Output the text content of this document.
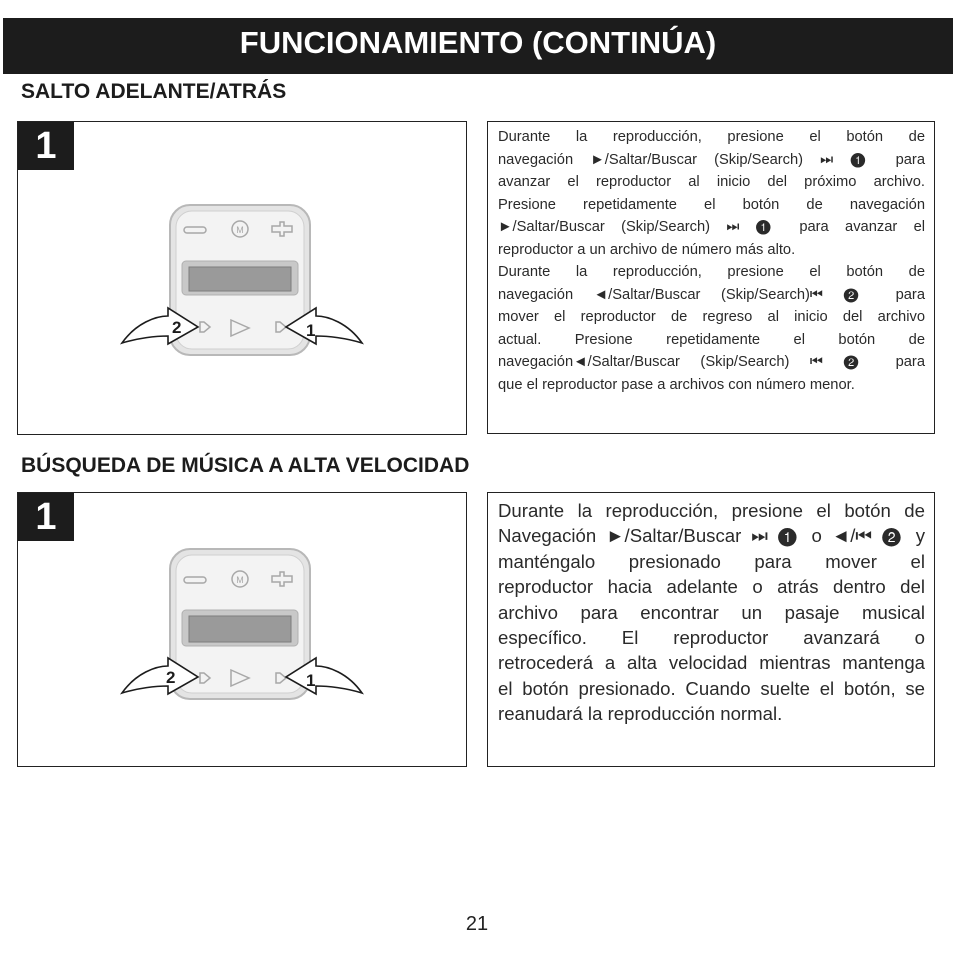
FUNCIONAMIENTO (CONTINÚA)
SALTO ADELANTE/ATRÁS
1
M
2	1
Durante la reproducción, presione el botón de
navegación ►/Saltar/Buscar (Skip/Search) ⏭ ❶ para
avanzar el reproductor al inicio del próximo archivo.
Presione repetidamente el botón de navegación
►/Saltar/Buscar (Skip/Search) ⏭ ❶ para avanzar el
reproductor a un archivo de número más alto.
Durante la reproducción, presione el botón de
navegación ◄/Saltar/Buscar (Skip/Search)⏮ ❷ para
mover el reproductor de regreso al inicio del archivo
actual. Presione repetidamente el botón de
navegación◄/Saltar/Buscar (Skip/Search) ⏮ ❷ para
que el reproductor pase a archivos con número menor.
BÚSQUEDA DE MÚSICA A ALTA VELOCIDAD
1
M
2	1
Durante la reproducción, presione el botón de
Navegación ►/Saltar/Buscar ⏭ ❶ o ◄/⏮ ❷ y
manténgalo presionado para mover el
reproductor hacia adelante o atrás dentro del
archivo para encontrar un pasaje musical
específico. El reproductor avanzará o
retrocederá a alta velocidad mientras mantenga
el botón presionado. Cuando suelte el botón, se
reanudará la reproducción normal.
21
